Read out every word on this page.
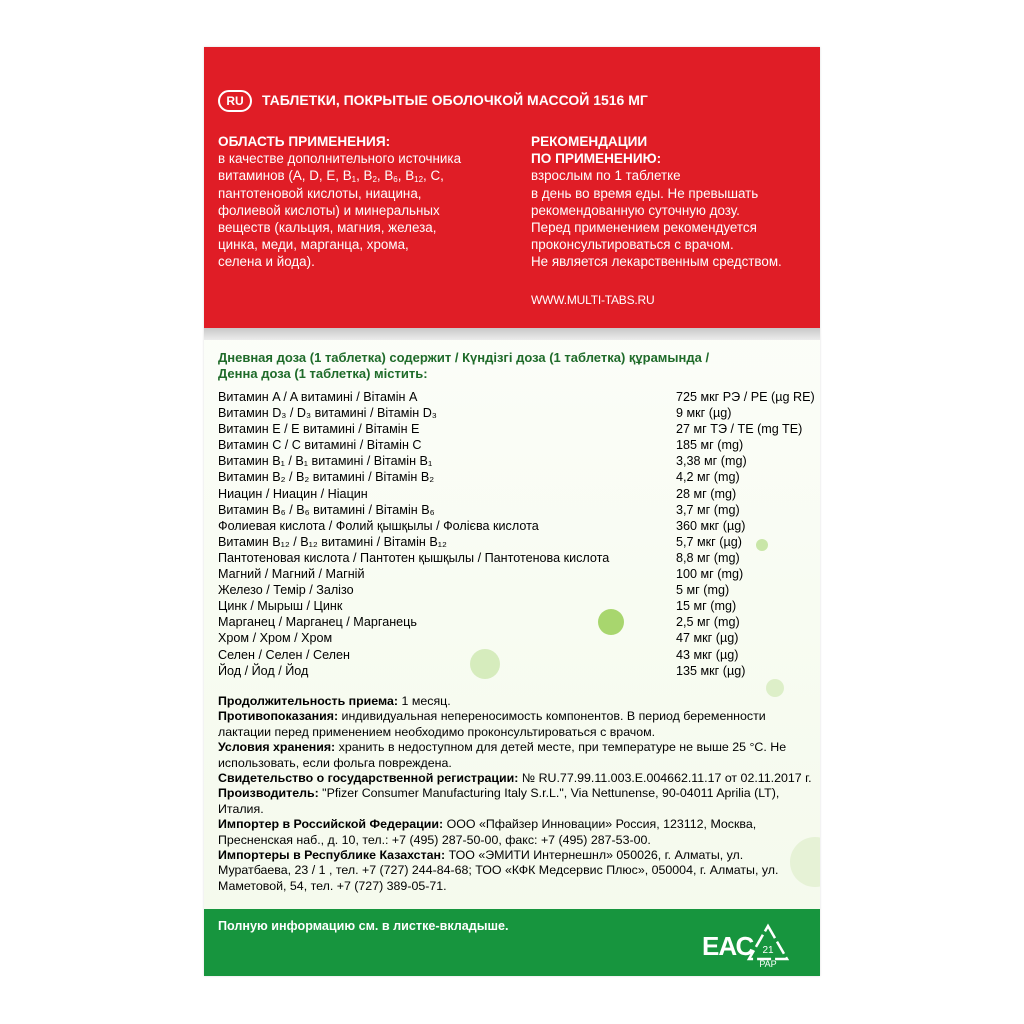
RU	ТАБЛЕТКИ, ПОКРЫТЫЕ ОБОЛОЧКОЙ МАССОЙ 1516 МГ
ОБЛАСТЬ ПРИМЕНЕНИЯ:
в качестве дополнительного источника
витаминов (A, D, E, $B_1$, $B_2$, $B_6$, $B_{12}$, C,
пантотеновой кислоты, ниацина,
фолиевой кислоты) и минеральных
веществ (кальция, магния, железа,
цинка, меди, марганца, хрома,
селена и йода).
РЕКОМЕНДАЦИИ
ПО ПРИМЕНЕНИЮ:
взрослым по 1 таблетке
в день во время еды. Не превышать
рекомендованную суточную дозу.
Перед применением рекомендуется
проконсультироваться с врачом.
Не является лекарственным средством.
WWW.MULTI-TABS.RU
Дневная доза (1 таблетка) содержит / Күндізгі доза (1 таблетка) құрамында /
Денна доза (1 таблетка) містить:
Витамин A / A витамині / Вітамін A	725 мкг РЭ / PE (µg RE)
Витамин D₃ / D₃ витамині / Вітамін D₃	9 мкг (µg)
Витамин E / E витамині / Вітамін E	27 мг ТЭ / TE (mg TE)
Витамин C / C витамині / Вітамін C	185 мг (mg)
Витамин B₁ / B₁ витамині / Вітамін B₁	3,38 мг (mg)
Витамин B₂ / B₂ витамині / Вітамін B₂	4,2 мг (mg)
Ниацин / Ниацин / Ніацин	28 мг (mg)
Витамин B₆ / B₆ витамині / Вітамін B₆	3,7 мг (mg)
Фолиевая кислота / Фолий қышқылы / Фолієва кислота	360 мкг (µg)
Витамин B₁₂ / B₁₂ витамині / Вітамін B₁₂	5,7 мкг (µg)
Пантотеновая кислота / Пантотен қышқылы / Пантотенова кислота	8,8 мг (mg)
Магний / Магний / Магній	100 мг (mg)
Железо / Темір / Залізо	5 мг (mg)
Цинк / Мырыш / Цинк	15 мг (mg)
Марганец / Марганец / Марганець	2,5 мг (mg)
Хром / Хром / Хром	47 мкг (µg)
Селен / Селен / Селен	43 мкг (µg)
Йод / Йод / Йод	135 мкг (µg)

Продолжительность приема: 1 месяц.

Противопоказания: индивидуальная непереносимость компонентов. В период беременности лактации перед применением необходимо проконсультироваться с врачом.

Условия хранения: хранить в недоступном для детей месте, при температуре не выше 25 °С. Не использовать, если фольга повреждена.

Свидетельство о государственной регистрации: № RU.77.99.11.003.Е.004662.11.17 от 02.11.2017 г.

Производитель: "Pfizer Consumer Manufacturing Italy S.r.L.", Via Nettunense, 90-04011 Aprilia (LT), Италия.

Импортер в Российской Федерации: ООО «Пфайзер Инновации» Россия, 123112, Москва, Пресненская наб., д. 10, тел.: +7 (495) 287-50-00, факс: +7 (495) 287-53-00.

Импортеры в Республике Казахстан: ТОО «ЭМИТИ Интернешнл» 050026, г. Алматы, ул. Муратбаева, 23 / 1 , тел. +7 (727) 244-84-68; ТОО «КФК Медсервис Плюс», 050004, г. Алматы, ул. Маметовой, 54, тел. +7 (727) 389-05-71.

Полную информацию см. в листке-вкладыше.
ЕАС 21
PAP
